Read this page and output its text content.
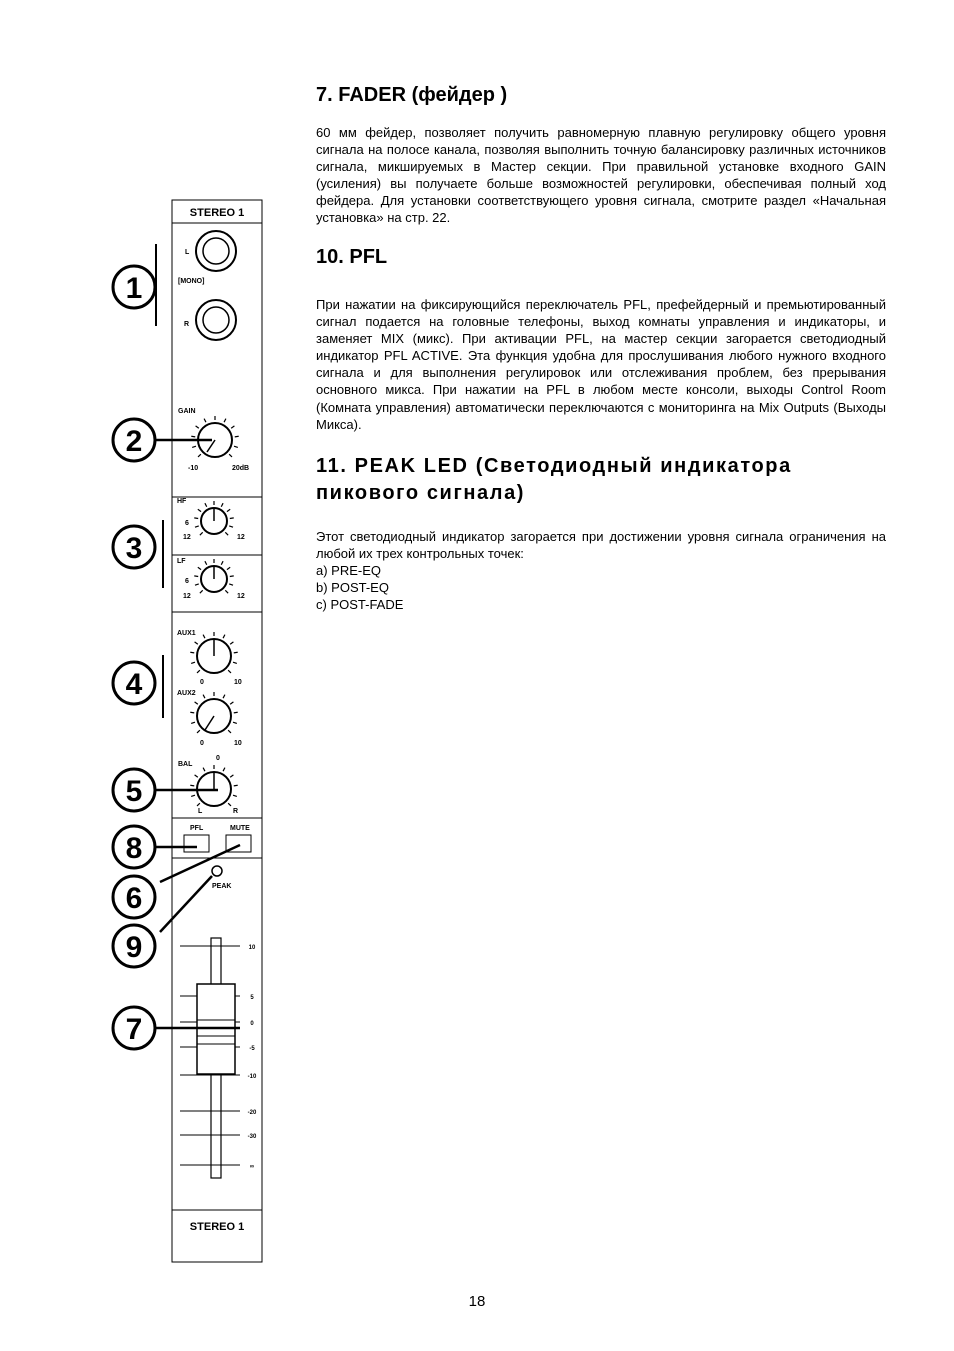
STEREO 1
STEREO 1
L
[MONO]
R
GAIN
-10	20dB
HF
LF
6
12	12
6
12	12
AUX1
0	10
AUX2
0	10
BAL
0
L	R
PFL	MUTE
PEAK
10
5
0
-5
-10
-20
-30
∞
1
2
3
4
5
8
6
9
7
7. FADER (фейдер )

60 мм фейдер, позволяет получить равномерную плавную регулировку общего уровня сигнала на полосе канала, позволяя выполнить точную балансировку различных источников сигнала, микшируемых в Мастер секции. При правильной установке входного GAIN (усиления) вы получаете больше возможностей регулировки, обеспечивая полный ход фейдера. Для установки соответствующего уровня сигнала, смотрите раздел «Начальная установка» на стр. 22.

10. PFL

При нажатии на фиксирующийся переключатель PFL, префейдерный и премьютированный сигнал подается на головные телефоны, выход комнаты управления и индикаторы, и заменяет MIX (микс). При активации PFL, на мастер секции загорается светодиодный индикатор PFL ACTIVE. Эта функция удобна для прослушивания любого нужного входного сигнала и для выполнения регулировок или отслеживания проблем, без прерывания основного микса. При нажатии на PFL в любом месте консоли, выходы Control Room (Комната управления) автоматически переключаются с мониторинга на Mix Outputs (Выходы Микса).

11. PEAK LED (Светодиодный индикатора пикового сигнала)

Этот светодиодный индикатор загорается при достижении уровня сигнала ограничения на любой их трех контрольных точек:

a) PRE-EQ
b) POST-EQ
c) POST-FADE
18
